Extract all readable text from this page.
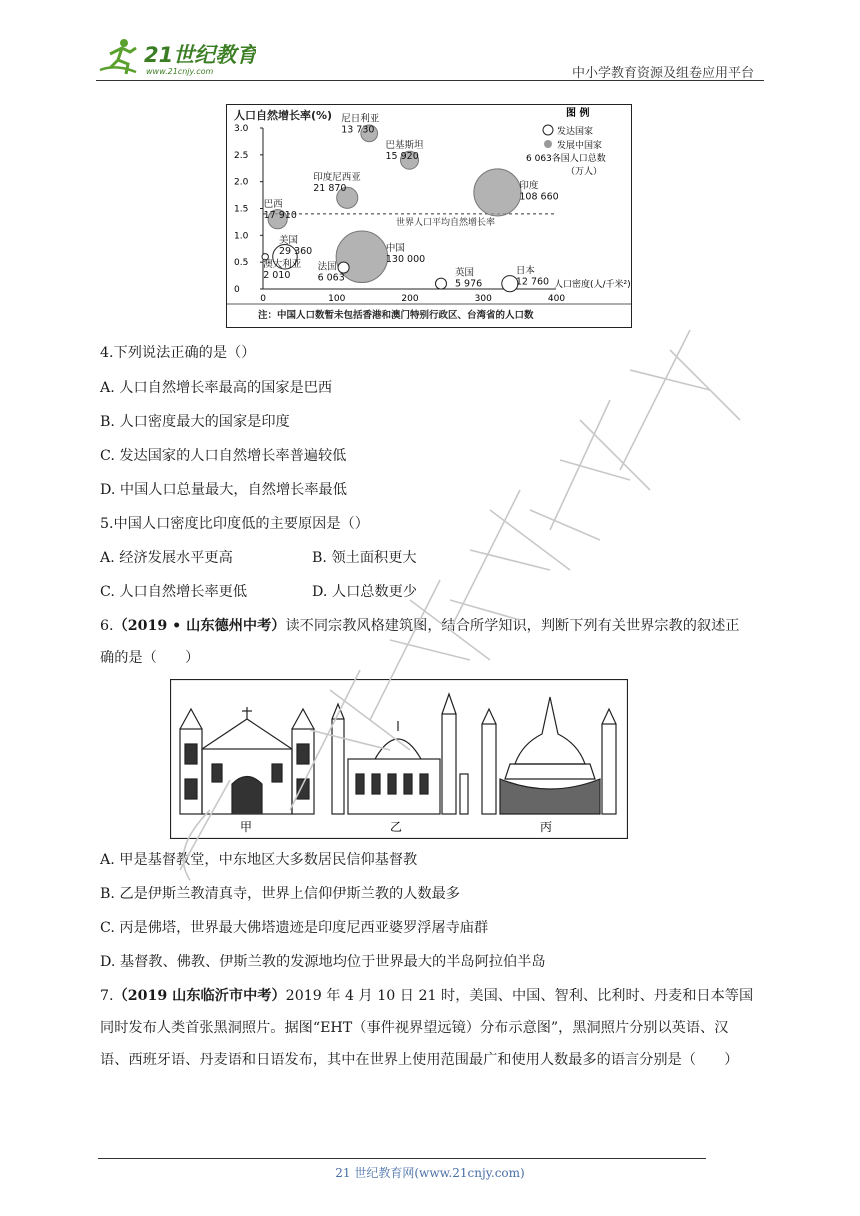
21世纪教育
www.21cnjy.com	中小学教育资源及组卷应用平台
人口自然增长率(%)
0
0.5
1.0
1.5
2.0
2.5
3.0
0	100	200	300	400
世界人口平均自然增长率
尼日利亚
13 730
巴基斯坦
15 920
印度尼西亚
21 870
巴西
17 910
印度
108 660
中国
130 000
美国
29 360
法国
6 063
澳大利亚
2 010	英国
5 976
日本
12 760
图 例
发达国家
发展中国家
6 063各国人口总数
（万人）
人口密度(人/千米²)
注：中国人口数暂未包括香港和澳门特别行政区、台湾省的人口数
4.下列说法正确的是（）
A. 人口自然增长率最高的国家是巴西
B. 人口密度最大的国家是印度
C. 发达国家的人口自然增长率普遍较低
D. 中国人口总量最大，自然增长率最低
5.中国人口密度比印度低的主要原因是（）
A. 经济发展水平更高	B. 领土面积更大
C. 人口自然增长率更低	D. 人口总数更少
6.（2019 • 山东德州中考）读不同宗教风格建筑图，结合所学知识，判断下列有关世界宗教的叙述正
确的是（　　）
甲	乙	丙
A. 甲是基督教堂，中东地区大多数居民信仰基督教
B. 乙是伊斯兰教清真寺，世界上信仰伊斯兰教的人数最多
C. 丙是佛塔，世界最大佛塔遗迹是印度尼西亚婆罗浮屠寺庙群
D. 基督教、佛教、伊斯兰教的发源地均位于世界最大的半岛阿拉伯半岛
7.（2019 山东临沂市中考）2019 年 4 月 10 日 21 时，美国、中国、智利、比利时、丹麦和日本等国
同时发布人类首张黑洞照片。据图“EHT（事件视界望远镜）分布示意图”，黑洞照片分别以英语、汉
语、西班牙语、丹麦语和日语发布，其中在世界上使用范围最广和使用人数最多的语言分别是（　　）
21 世纪教育网(www.21cnjy.com)
